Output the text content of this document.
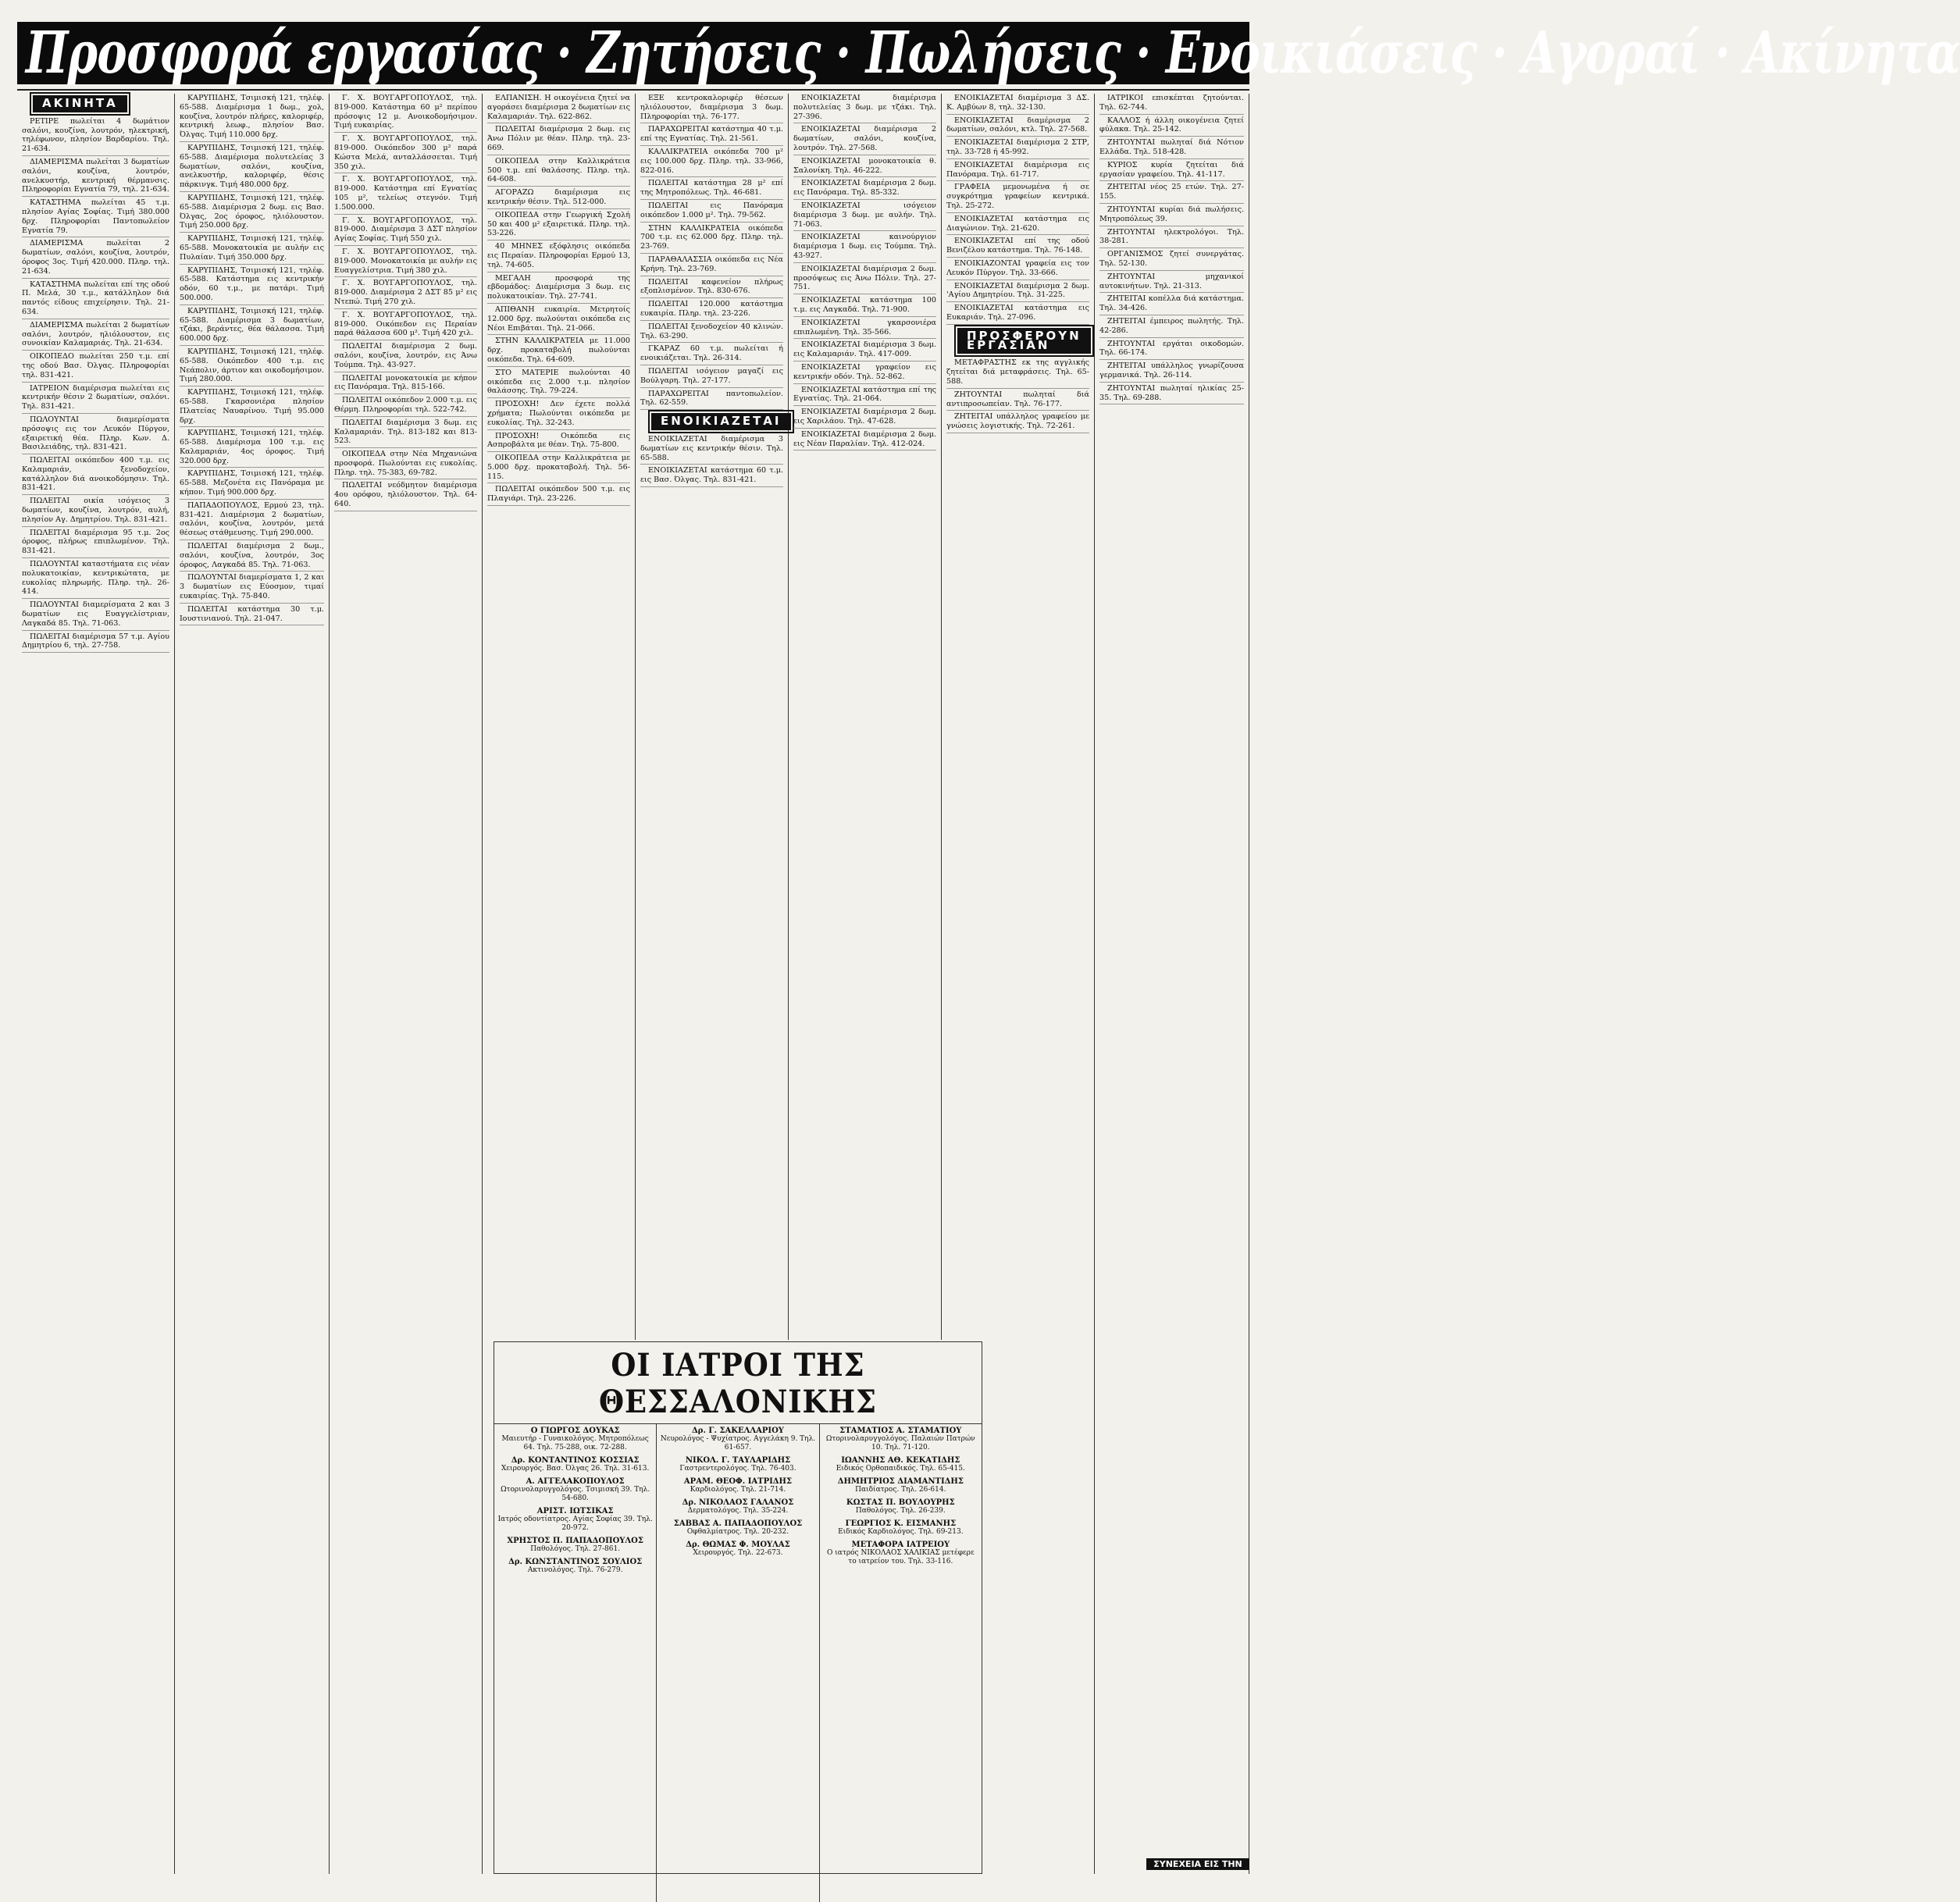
Προσφορά εργασίας · Ζητήσεις · Πωλήσεις · Ενοικιάσεις · Αγοραί · Ακίνητα
ΑΚΙΝΗΤΑ

PETIPE πωλείται 4 δωμάτιον σαλόνι, κουζίνα, λουτρόν, ηλεκτρική, τηλέφωνον, πλησίον Βαρδαρίου. Τηλ. 21-634.

ΔΙΑΜΕΡΙΣΜΑ πωλείται 3 δωματίων σαλόνι, κουζίνα, λουτρόν, ανελκυστήρ, κεντρική θέρμανσις. Πληροφορίαι Εγνατία 79, τηλ. 21-634.

ΚΑΤΑΣΤΗΜΑ πωλείται 45 τ.μ. πλησίον Αγίας Σοφίας. Τιμή 380.000 δρχ. Πληροφορίαι Παντοπωλείον Εγνατία 79.

ΔΙΑΜΕΡΙΣΜΑ πωλείται 2 δωματίων, σαλόνι, κουζίνα, λουτρόν, όροφος 3ος. Τιμή 420.000. Πληρ. τηλ. 21-634.

ΚΑΤΑΣΤΗΜΑ πωλείται επί της οδού Π. Μελά, 30 τ.μ., κατάλληλον διά παντός είδους επιχείρησιν. Τηλ. 21-634.

ΔΙΑΜΕΡΙΣΜΑ πωλείται 2 δωματίων σαλόνι, λουτρόν, ηλιόλουστον, εις συνοικίαν Καλαμαριάς. Τηλ. 21-634.

ΟΙΚΟΠΕΔΟ πωλείται 250 τ.μ. επί της οδού Βασ. Όλγας. Πληροφορίαι τηλ. 831-421.

ΙΑΤΡΕΙΟΝ διαμέρισμα πωλείται εις κεντρικήν θέσιν 2 δωματίων, σαλόνι. Τηλ. 831-421.

ΠΩΛΟΥΝΤΑΙ διαμερίσματα πρόσοψις εις τον Λευκόν Πύργον, εξαιρετική θέα. Πληρ. Κων. Δ. Βασιλειάδης, τηλ. 831-421.

ΠΩΛΕΙΤΑΙ οικόπεδον 400 τ.μ. εις Καλαμαριάν, ξενοδοχείον, κατάλληλον διά ανοικοδόμησιν. Τηλ. 831-421.

ΠΩΛΕΙΤΑΙ οικία ισόγειος 3 δωματίων, κουζίνα, λουτρόν, αυλή, πλησίον Αγ. Δημητρίου. Τηλ. 831-421.

ΠΩΛΕΙΤΑΙ διαμέρισμα 95 τ.μ. 2ος όροφος, πλήρως επιπλωμένον. Τηλ. 831-421.

ΠΩΛΟΥΝΤΑΙ καταστήματα εις νέαν πολυκατοικίαν, κεντρικώτατα, με ευκολίας πληρωμής. Πληρ. τηλ. 26-414.

ΠΩΛΟΥΝΤΑΙ διαμερίσματα 2 και 3 δωματίων εις Ευαγγελίστριαν, Λαγκαδά 85. Τηλ. 71-063.

ΠΩΛΕΙΤΑΙ διαμέρισμα 57 τ.μ. Αγίου Δημητρίου 6, τηλ. 27-758.

ΚΑΡΥΠΙΔΗΣ, Τσιμισκή 121, τηλέφ. 65-588. Διαμέρισμα 1 δωμ., χολ, κουζίνα, λουτρόν πλήρες, καλοριφέρ, κεντρική λεωφ., πλησίον Βασ. Όλγας. Τιμή 110.000 δρχ.

ΚΑΡΥΠΙΔΗΣ, Τσιμισκή 121, τηλέφ. 65-588. Διαμέρισμα πολυτελείας 3 δωματίων, σαλόνι, κουζίνα, ανελκυστήρ, καλοριφέρ, θέσις πάρκινγκ. Τιμή 480.000 δρχ.

ΚΑΡΥΠΙΔΗΣ, Τσιμισκή 121, τηλέφ. 65-588. Διαμέρισμα 2 δωμ. εις Βασ. Όλγας, 2ος όροφος, ηλιόλουστον. Τιμή 250.000 δρχ.

ΚΑΡΥΠΙΔΗΣ, Τσιμισκή 121, τηλέφ. 65-588. Μονοκατοικία με αυλήν εις Πυλαίαν. Τιμή 350.000 δρχ.

ΚΑΡΥΠΙΔΗΣ, Τσιμισκή 121, τηλέφ. 65-588. Κατάστημα εις κεντρικήν οδόν, 60 τ.μ., με πατάρι. Τιμή 500.000.

ΚΑΡΥΠΙΔΗΣ, Τσιμισκή 121, τηλέφ. 65-588. Διαμέρισμα 3 δωματίων, τζάκι, βεράντες, θέα θάλασσα. Τιμή 600.000 δρχ.

ΚΑΡΥΠΙΔΗΣ, Τσιμισκή 121, τηλέφ. 65-588. Οικόπεδον 400 τ.μ. εις Νεάπολιν, άρτιον και οικοδομήσιμον. Τιμή 280.000.

ΚΑΡΥΠΙΔΗΣ, Τσιμισκή 121, τηλέφ. 65-588. Γκαρσονιέρα πλησίον Πλατείας Ναυαρίνου. Τιμή 95.000 δρχ.

ΚΑΡΥΠΙΔΗΣ, Τσιμισκή 121, τηλέφ. 65-588. Διαμέρισμα 100 τ.μ. εις Καλαμαριάν, 4ος όροφος. Τιμή 320.000 δρχ.

ΚΑΡΥΠΙΔΗΣ, Τσιμισκή 121, τηλέφ. 65-588. Μεζονέτα εις Πανόραμα με κήπον. Τιμή 900.000 δρχ.

ΠΑΠΑΔΟΠΟΥΛΟΣ, Ερμού 23, τηλ. 831-421. Διαμέρισμα 2 δωματίων, σαλόνι, κουζίνα, λουτρόν, μετά θέσεως στάθμευσης. Τιμή 290.000.

ΠΩΛΕΙΤΑΙ διαμέρισμα 2 δωμ., σαλόνι, κουζίνα, λουτρόν, 3ος όροφος, Λαγκαδά 85. Τηλ. 71-063.

ΠΩΛΟΥΝΤΑΙ διαμερίσματα 1, 2 και 3 δωματίων εις Εύοσμον, τιμαί ευκαιρίας. Τηλ. 75-840.

ΠΩΛΕΙΤΑΙ κατάστημα 30 τ.μ. Ιουστινιανού. Τηλ. 21-047.

Γ. Χ. ΒΟΥΓΑΡΓΟΠΟΥΛΟΣ, τηλ. 819-000. Κατάστημα 60 μ² περίπου πρόσοψις 12 μ. Ανοικοδομήσιμον. Τιμή ευκαιρίας.

Γ. Χ. ΒΟΥΓΑΡΓΟΠΟΥΛΟΣ, τηλ. 819-000. Οικόπεδον 300 μ² παρά Κώστα Μελά, ανταλλάσσεται. Τιμή 350 χιλ.

Γ. Χ. ΒΟΥΓΑΡΓΟΠΟΥΛΟΣ, τηλ. 819-000. Κατάστημα επί Εγνατίας 105 μ², τελείως στεγνόν. Τιμή 1.500.000.

Γ. Χ. ΒΟΥΓΑΡΓΟΠΟΥΛΟΣ, τηλ. 819-000. Διαμέρισμα 3 ΔΣΤ πλησίον Αγίας Σοφίας. Τιμή 550 χιλ.

Γ. Χ. ΒΟΥΓΑΡΓΟΠΟΥΛΟΣ, τηλ. 819-000. Μονοκατοικία με αυλήν εις Ευαγγελίστρια. Τιμή 380 χιλ.

Γ. Χ. ΒΟΥΓΑΡΓΟΠΟΥΛΟΣ, τηλ. 819-000. Διαμέρισμα 2 ΔΣΤ 85 μ² εις Ντεπώ. Τιμή 270 χιλ.

Γ. Χ. ΒΟΥΓΑΡΓΟΠΟΥΛΟΣ, τηλ. 819-000. Οικόπεδον εις Περαίαν παρά θάλασσα 600 μ². Τιμή 420 χιλ.

ΠΩΛΕΙΤΑΙ διαμέρισμα 2 δωμ. σαλόνι, κουζίνα, λουτρόν, εις Άνω Τούμπα. Τηλ. 43-927.

ΠΩΛΕΙΤΑΙ μονοκατοικία με κήπον εις Πανόραμα. Τηλ. 815-166.

ΠΩΛΕΙΤΑΙ οικόπεδον 2.000 τ.μ. εις Θέρμη. Πληροφορίαι τηλ. 522-742.

ΠΩΛΕΙΤΑΙ διαμέρισμα 3 δωμ. εις Καλαμαριάν. Τηλ. 813-182 και 813-523.

ΟΙΚΟΠΕΔΑ στην Νέα Μηχανιώνα προσφορά. Πωλούνται εις ευκολίας. Πληρ. τηλ. 75-383, 69-782.

ΠΩΛΕΙΤΑΙ νεόδμητον διαμέρισμα 4ου ορόφου, ηλιόλουστον. Τηλ. 64-640.

ΕΛΠΑΝΙΣΗ. Η οικογένεια ζητεί να αγοράσει διαμέρισμα 2 δωματίων εις Καλαμαριάν. Τηλ. 622-862.

ΠΩΛΕΙΤΑΙ διαμέρισμα 2 δωμ. εις Άνω Πόλιν με θέαν. Πληρ. τηλ. 23-669.

ΟΙΚΟΠΕΔΑ στην Καλλικράτεια 500 τ.μ. επί θαλάσσης. Πληρ. τηλ. 64-608.

ΑΓΟΡΑΖΩ διαμέρισμα εις κεντρικήν θέσιν. Τηλ. 512-000.

ΟΙΚΟΠΕΔΑ στην Γεωργική Σχολή 50 και 400 μ² εξαιρετικά. Πληρ. τηλ. 53-226.

40 ΜΗΝΕΣ εξόφλησις οικόπεδα εις Περαίαν. Πληροφορίαι Ερμού 13, τηλ. 74-605.

ΜΕΓΑΛΗ προσφορά της εβδομάδος: Διαμέρισμα 3 δωμ. εις πολυκατοικίαν. Τηλ. 27-741.

ΑΠΙΘΑΝΗ ευκαιρία. Μετρητοίς 12.000 δρχ. πωλούνται οικόπεδα εις Νέοι Επιβάται. Τηλ. 21-066.

ΣΤΗΝ ΚΑΛΛΙΚΡΑΤΕΙΑ με 11.000 δρχ. προκαταβολή πωλούνται οικόπεδα. Τηλ. 64-609.

ΣΤΟ ΜΑΤΕΡΙΕ πωλούνται 40 οικόπεδα εις 2.000 τ.μ. πλησίον θαλάσσης. Τηλ. 79-224.

ΠΡΟΣΟΧΗ! Δεν έχετε πολλά χρήματα; Πωλούνται οικόπεδα με ευκολίας. Τηλ. 32-243.

ΠΡΟΣΟΧΗ! Οικόπεδα εις Ασπροβάλτα με θέαν. Τηλ. 75-800.

ΟΙΚΟΠΕΔΑ στην Καλλικράτεια με 5.000 δρχ. προκαταβολή. Τηλ. 56-115.

ΠΩΛΕΙΤΑΙ οικόπεδον 500 τ.μ. εις Πλαγιάρι. Τηλ. 23-226.

ΕΞΕ κεντροκαλοριφέρ θέσεων ηλιόλουστον, διαμέρισμα 3 δωμ. Πληροφορίαι τηλ. 76-177.

ΠΑΡΑΧΩΡΕΙΤΑΙ κατάστημα 40 τ.μ. επί της Εγνατίας. Τηλ. 21-561.

ΚΑΛΛΙΚΡΑΤΕΙΑ οικόπεδα 700 μ² εις 100.000 δρχ. Πληρ. τηλ. 33-966, 822-016.

ΠΩΛΕΙΤΑΙ κατάστημα 28 μ² επί της Μητροπόλεως. Τηλ. 46-681.

ΠΩΛΕΙΤΑΙ εις Πανόραμα οικόπεδον 1.000 μ². Τηλ. 79-562.

ΣΤΗΝ ΚΑΛΛΙΚΡΑΤΕΙΑ οικόπεδα 700 τ.μ. εις 62.000 δρχ. Πληρ. τηλ. 23-769.

ΠΑΡΑΘΑΛΑΣΣΙΑ οικόπεδα εις Νέα Κρήνη. Τηλ. 23-769.

ΠΩΛΕΙΤΑΙ καφενείον πλήρως εξοπλισμένον. Τηλ. 830-676.

ΠΩΛΕΙΤΑΙ 120.000 κατάστημα ευκαιρία. Πληρ. τηλ. 23-226.

ΠΩΛΕΙΤΑΙ ξενοδοχείον 40 κλινών. Τηλ. 63-290.

ΓΚΑΡΑΖ 60 τ.μ. πωλείται ή ενοικιάζεται. Τηλ. 26-314.

ΠΩΛΕΙΤΑΙ ισόγειον μαγαζί εις Βούλγαρη. Τηλ. 27-177.

ΠΑΡΑΧΩΡΕΙΤΑΙ παντοπωλείον. Τηλ. 62-559.

ΕΝΟΙΚΙΑΖΕΤΑΙ

ΕΝΟΙΚΙΑΖΕΤΑΙ διαμέρισμα 3 δωματίων εις κεντρικήν θέσιν. Τηλ. 65-588.

ΕΝΟΙΚΙΑΖΕΤΑΙ κατάστημα 60 τ.μ. εις Βασ. Όλγας. Τηλ. 831-421.

ΕΝΟΙΚΙΑΖΕΤΑΙ διαμέρισμα πολυτελείας 3 δωμ. με τζάκι. Τηλ. 27-396.

ΕΝΟΙΚΙΑΖΕΤΑΙ διαμέρισμα 2 δωματίων, σαλόνι, κουζίνα, λουτρόν. Τηλ. 27-568.

ΕΝΟΙΚΙΑΖΕΤΑΙ μονοκατοικία θ. Σαλονίκη. Τηλ. 46-222.

ΕΝΟΙΚΙΑΖΕΤΑΙ διαμέρισμα 2 δωμ. εις Πανόραμα. Τηλ. 85-332.

ΕΝΟΙΚΙΑΖΕΤΑΙ ισόγειον διαμέρισμα 3 δωμ. με αυλήν. Τηλ. 71-063.

ΕΝΟΙΚΙΑΖΕΤΑΙ καινούργιον διαμέρισμα 1 δωμ. εις Τούμπα. Τηλ. 43-927.

ΕΝΟΙΚΙΑΖΕΤΑΙ διαμέρισμα 2 δωμ. προσόψεως εις Άνω Πόλιν. Τηλ. 27-751.

ΕΝΟΙΚΙΑΖΕΤΑΙ κατάστημα 100 τ.μ. εις Λαγκαδά. Τηλ. 71-900.

ΕΝΟΙΚΙΑΖΕΤΑΙ γκαρσονιέρα επιπλωμένη. Τηλ. 35-566.

ΕΝΟΙΚΙΑΖΕΤΑΙ διαμέρισμα 3 δωμ. εις Καλαμαριάν. Τηλ. 417-009.

ΕΝΟΙΚΙΑΖΕΤΑΙ γραφείον εις κεντρικήν οδόν. Τηλ. 52-862.

ΕΝΟΙΚΙΑΖΕΤΑΙ κατάστημα επί της Εγνατίας. Τηλ. 21-064.

ΕΝΟΙΚΙΑΖΕΤΑΙ διαμέρισμα 2 δωμ. εις Χαριλάου. Τηλ. 47-628.

ΕΝΟΙΚΙΑΖΕΤΑΙ διαμέρισμα 2 δωμ. εις Νέαν Παραλίαν. Τηλ. 412-024.

ΕΝΟΙΚΙΑΖΕΤΑΙ διαμέρισμα 3 ΔΣ. Κ. Αμβύων 8, τηλ. 32-130.

ΕΝΟΙΚΙΑΖΕΤΑΙ διαμέρισμα 2 δωματίων, σαλόνι, κτλ. Τηλ. 27-568.

ΕΝΟΙΚΙΑΖΕΤΑΙ διαμέρισμα 2 ΣΤΡ, τηλ. 33-728 ή 45-992.

ΕΝΟΙΚΙΑΖΕΤΑΙ διαμέρισμα εις Πανόραμα. Τηλ. 61-717.

ΓΡΑΦΕΙΑ μεμονωμένα ή σε συγκρότημα γραφείων κεντρικά. Τηλ. 25-272.

ΕΝΟΙΚΙΑΖΕΤΑΙ κατάστημα εις Διαγώνιον. Τηλ. 21-620.

ΕΝΟΙΚΙΑΖΕΤΑΙ επί της οδού Βενιζέλου κατάστημα. Τηλ. 76-148.

ΕΝΟΙΚΙΑΖΟΝΤΑΙ γραφεία εις τον Λευκόν Πύργον. Τηλ. 33-666.

ΕΝΟΙΚΙΑΖΕΤΑΙ διαμέρισμα 2 δωμ. 'Αγίου Δημητρίου. Τηλ. 31-225.

ΕΝΟΙΚΙΑΖΕΤΑΙ κατάστημα εις Ευκαριάν. Τηλ. 27-096.

ΠΡΟΣΦΕΡΟΥΝ ΕΡΓΑΣΙΑΝ

ΜΕΤΑΦΡΑΣΤΗΣ εκ της αγγλικής ζητείται διά μεταφράσεις. Τηλ. 65-588.

ΖΗΤΟΥΝΤΑΙ πωληταί διά αντιπροσωπείαν. Τηλ. 76-177.

ΖΗΤΕΙΤΑΙ υπάλληλος γραφείου με γνώσεις λογιστικής. Τηλ. 72-261.

ΙΑΤΡΙΚΟΙ επισκέπται ζητούνται. Τηλ. 62-744.

ΚΑΛΛΟΣ ή άλλη οικογένεια ζητεί φύλακα. Τηλ. 25-142.

ΖΗΤΟΥΝΤΑΙ πωληταί διά Νότιον Ελλάδα. Τηλ. 518-428.

ΚΥΡΙΟΣ κυρία ζητείται διά εργασίαν γραφείου. Τηλ. 41-117.

ΖΗΤΕΙΤΑΙ νέος 25 ετών. Τηλ. 27-155.

ΖΗΤΟΥΝΤΑΙ κυρίαι διά πωλήσεις. Μητροπόλεως 39.

ΖΗΤΟΥΝΤΑΙ ηλεκτρολόγοι. Τηλ. 38-281.

ΟΡΓΑΝΙΣΜΟΣ ζητεί συνεργάτας. Τηλ. 52-130.

ΖΗΤΟΥΝΤΑΙ μηχανικοί αυτοκινήτων. Τηλ. 21-313.

ΖΗΤΕΙΤΑΙ κοπέλλα διά κατάστημα. Τηλ. 34-426.

ΖΗΤΕΙΤΑΙ έμπειρος πωλητής. Τηλ. 42-286.

ΖΗΤΟΥΝΤΑΙ εργάται οικοδομών. Τηλ. 66-174.

ΖΗΤΕΙΤΑΙ υπάλληλος γνωρίζουσα γερμανικά. Τηλ. 26-114.

ΖΗΤΟΥΝΤΑΙ πωληταί ηλικίας 25-35. Τηλ. 69-288.

ΟΙ ΙΑΤΡΟΙ ΤΗΣ ΘΕΣΣΑΛΟΝΙΚΗΣ
Ο ΓΙΩΡΓΟΣ ΔΟΥΚΑΣ
Μαιευτήρ - Γυναικολόγος. Μητροπόλεως 64. Τηλ. 75-288, οικ. 72-288.
Δρ. ΚΟΝΤΑΝΤΙΝΟΣ ΚΟΣΣΙΑΣ
Χειρουργός. Βασ. Όλγας 26. Τηλ. 31-613.
Α. ΑΓΓΕΛΑΚΟΠΟΥΛΟΣ
Ωτορινολαρυγγολόγος. Τσιμισκή 39. Τηλ. 54-680.
ΑΡΙΣΤ. ΙΩΤΣΙΚΑΣ
Ιατρός οδοντίατρος. Αγίας Σοφίας 39. Τηλ. 20-972.
ΧΡΗΣΤΟΣ Π. ΠΑΠΑΔΟΠΟΥΛΟΣ
Παθολόγος. Τηλ. 27-861.
Δρ. ΚΩΝΣΤΑΝΤΙΝΟΣ ΣΟΥΛΙΟΣ
Ακτινολόγος. Τηλ. 76-279.
Δρ. Γ. ΣΑΚΕΛΛΑΡΙΟΥ
Νευρολόγος - Ψυχίατρος. Αγγελάκη 9. Τηλ. 61-657.
ΝΙΚΟΛ. Γ. ΤΑΥΛΑΡΙΔΗΣ
Γαστρεντερολόγος. Τηλ. 76-403.
ΑΡΑΜ. ΘΕΟΦ. ΙΑΤΡΙΔΗΣ
Καρδιολόγος. Τηλ. 21-714.
Δρ. ΝΙΚΟΛΑΟΣ ΓΑΛΑΝΟΣ
Δερματολόγος. Τηλ. 35-224.
ΣΑΒΒΑΣ Α. ΠΑΠΑΔΟΠΟΥΛΟΣ
Οφθαλμίατρος. Τηλ. 20-232.
Δρ. ΘΩΜΑΣ Φ. ΜΟΥΛΑΣ
Χειρουργός. Τηλ. 22-673.
ΣΤΑΜΑΤΙΟΣ Α. ΣΤΑΜΑΤΙΟΥ
Ωτορινολαρυγγολόγος. Παλαιών Πατρών 10. Τηλ. 71-120.
ΙΩΑΝΝΗΣ ΑΘ. ΚΕΚΑΤΙΔΗΣ
Ειδικός Ορθοπαιδικός. Τηλ. 65-415.
ΔΗΜΗΤΡΙΟΣ ΔΙΑΜΑΝΤΙΔΗΣ
Παιδίατρος. Τηλ. 26-614.
ΚΩΣΤΑΣ Π. ΒΟΥΛΟΥΡΗΣ
Παθολόγος. Τηλ. 26-239.
ΓΕΩΡΓΙΟΣ Κ. ΕΙΣΜΑΝΗΣ
Ειδικός Καρδιολόγος. Τηλ. 69-213.
ΜΕΤΑΦΟΡΑ ΙΑΤΡΕΙΟΥ
Ο ιατρός ΝΙΚΟΛΑΟΣ ΧΑΛΙΚΙΑΣ μετέφερε το ιατρείον του. Τηλ. 33-116.
ΣΥΝΕΧΕΙΑ ΕΙΣ ΤΗΝ
